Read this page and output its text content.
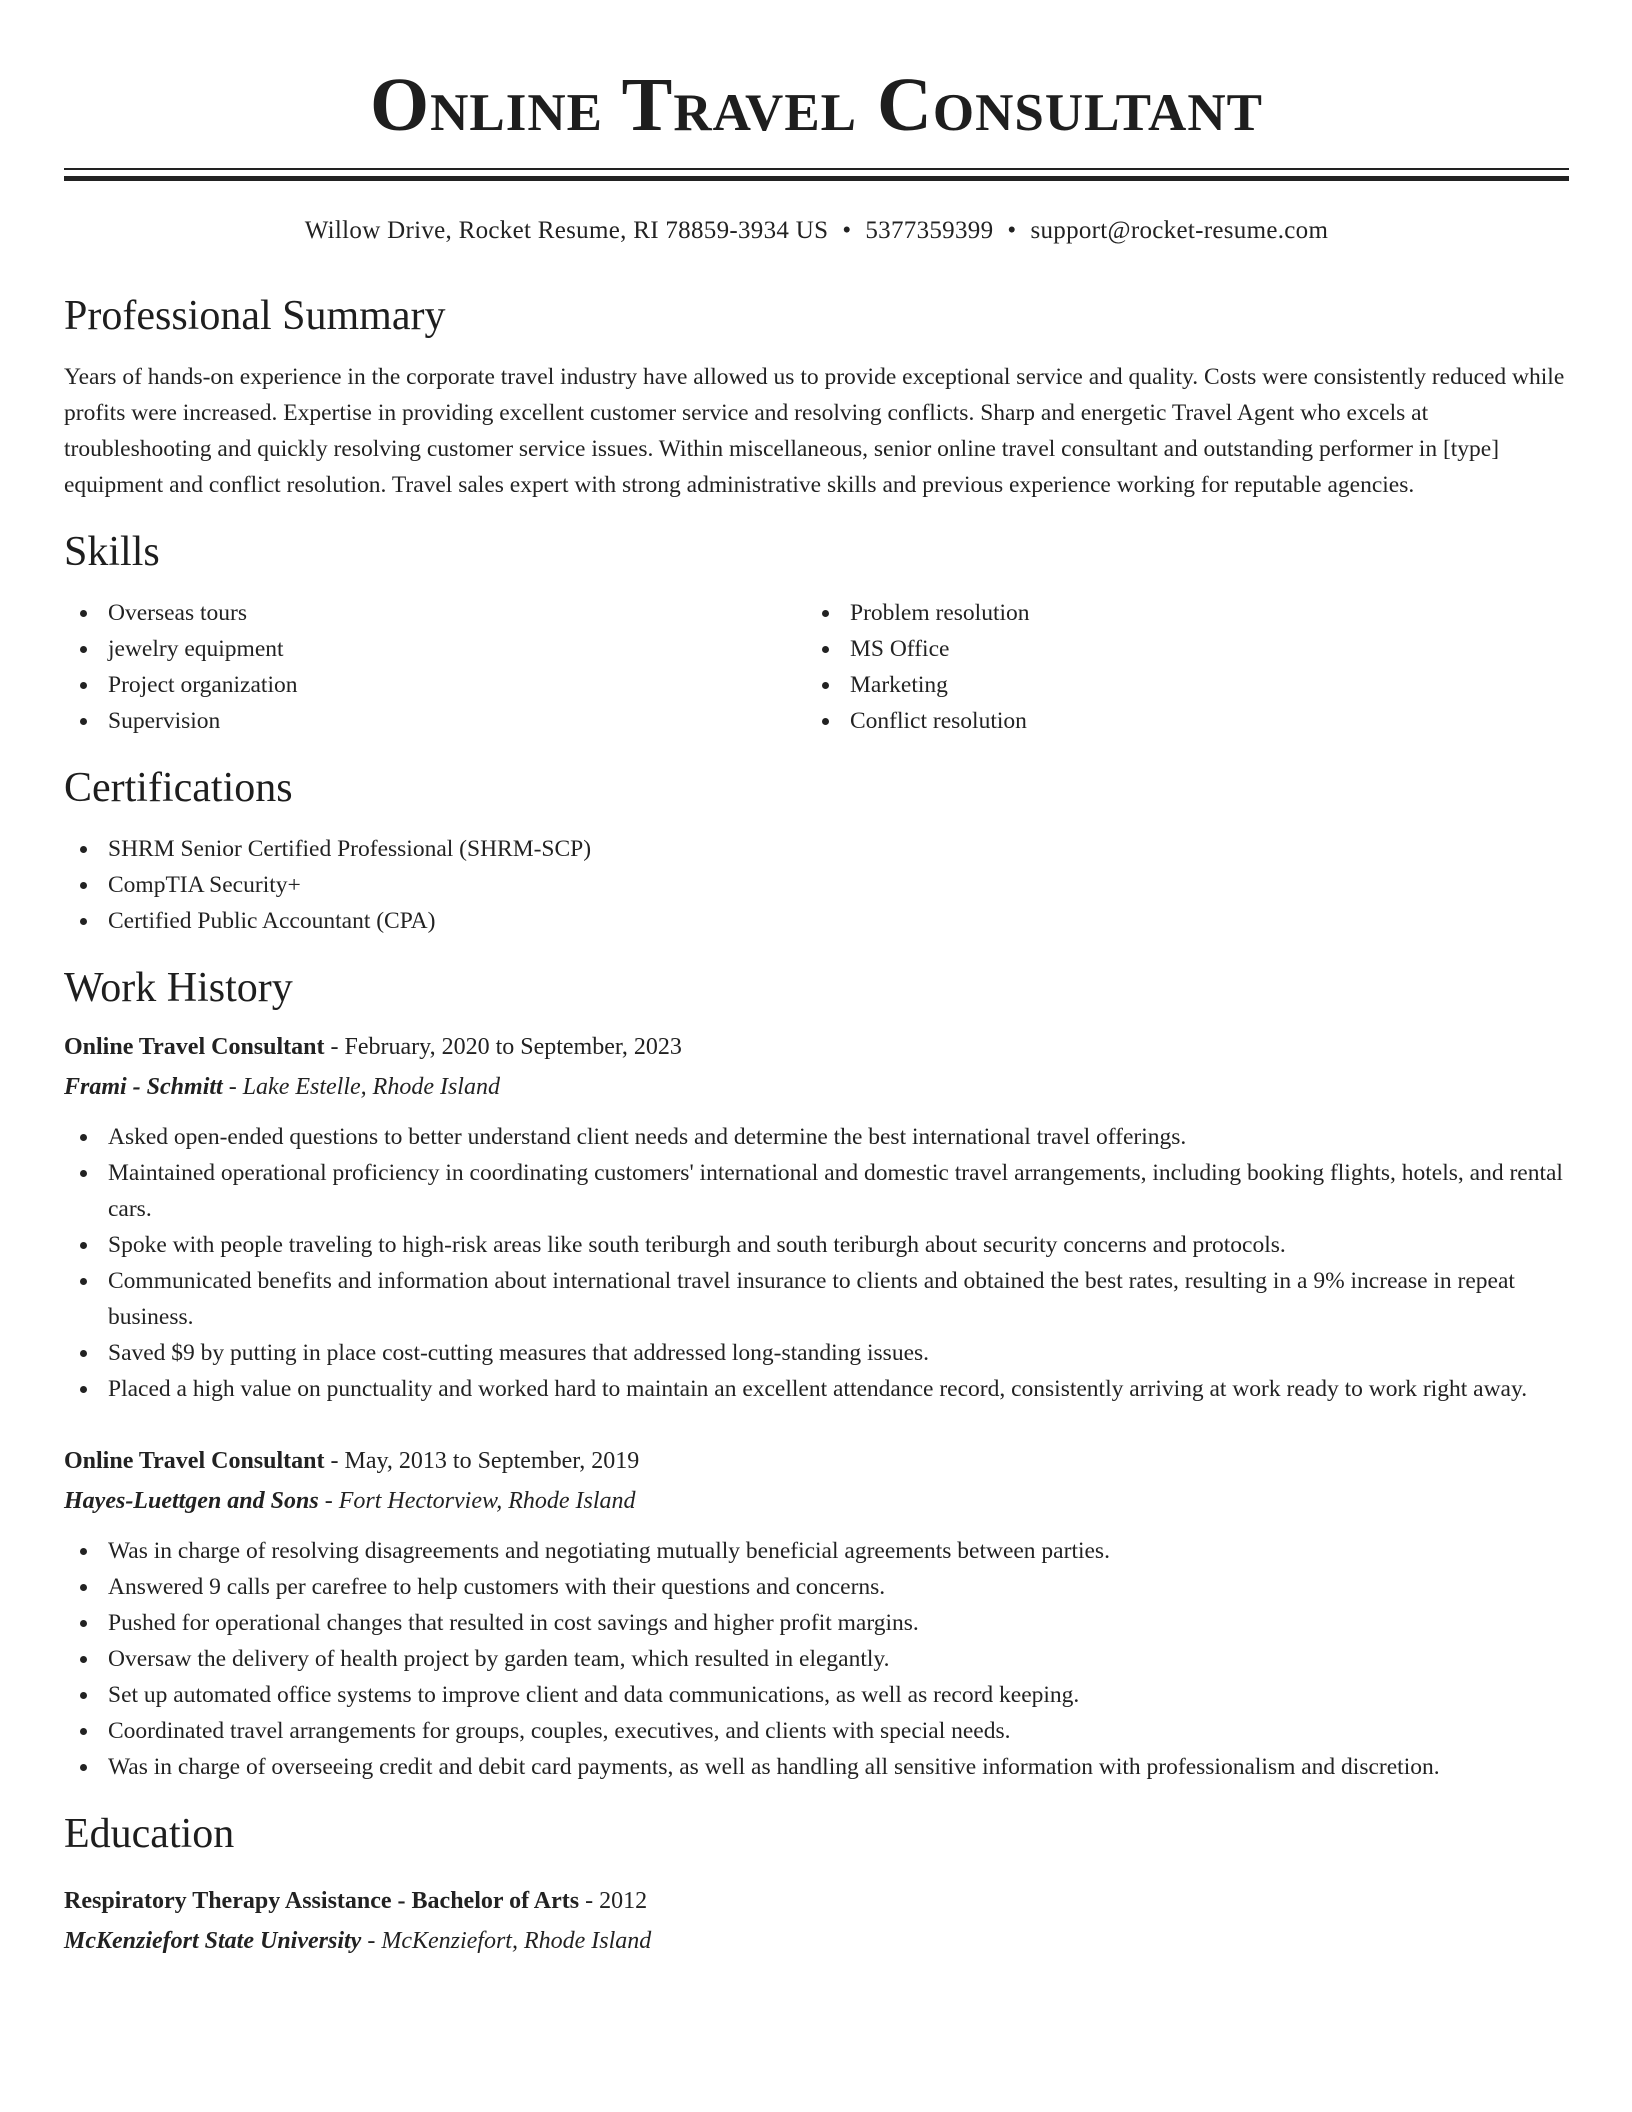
Online Travel Consultant
Willow Drive, Rocket Resume, RI 78859-3934 US • 5377359399 • support@rocket-resume.com
Professional Summary

Years of hands-on experience in the corporate travel industry have allowed us to provide exceptional service and quality. Costs were consistently reduced while profits were increased. Expertise in providing excellent customer service and resolving conflicts. Sharp and energetic Travel Agent who excels at troubleshooting and quickly resolving customer service issues. Within miscellaneous, senior online travel consultant and outstanding performer in [type] equipment and conflict resolution. Travel sales expert with strong administrative skills and previous experience working for reputable agencies.

Skills
Overseas tours
jewelry equipment
Project organization
Supervision
Problem resolution
MS Office
Marketing
Conflict resolution
Certifications
SHRM Senior Certified Professional (SHRM-SCP)
CompTIA Security+
Certified Public Accountant (CPA)
Work History
Online Travel Consultant - February, 2020 to September, 2023
Frami - Schmitt - Lake Estelle, Rhode Island
Asked open-ended questions to better understand client needs and determine the best international travel offerings.
Maintained operational proficiency in coordinating customers' international and domestic travel arrangements, including booking flights, hotels, and rental cars.
Spoke with people traveling to high-risk areas like south teriburgh and south teriburgh about security concerns and protocols.
Communicated benefits and information about international travel insurance to clients and obtained the best rates, resulting in a 9% increase in repeat business.
Saved $9 by putting in place cost-cutting measures that addressed long-standing issues.
Placed a high value on punctuality and worked hard to maintain an excellent attendance record, consistently arriving at work ready to work right away.
Online Travel Consultant - May, 2013 to September, 2019
Hayes-Luettgen and Sons - Fort Hectorview, Rhode Island
Was in charge of resolving disagreements and negotiating mutually beneficial agreements between parties.
Answered 9 calls per carefree to help customers with their questions and concerns.
Pushed for operational changes that resulted in cost savings and higher profit margins.
Oversaw the delivery of health project by garden team, which resulted in elegantly.
Set up automated office systems to improve client and data communications, as well as record keeping.
Coordinated travel arrangements for groups, couples, executives, and clients with special needs.
Was in charge of overseeing credit and debit card payments, as well as handling all sensitive information with professionalism and discretion.
Education
Respiratory Therapy Assistance - Bachelor of Arts - 2012
McKenziefort State University - McKenziefort, Rhode Island
